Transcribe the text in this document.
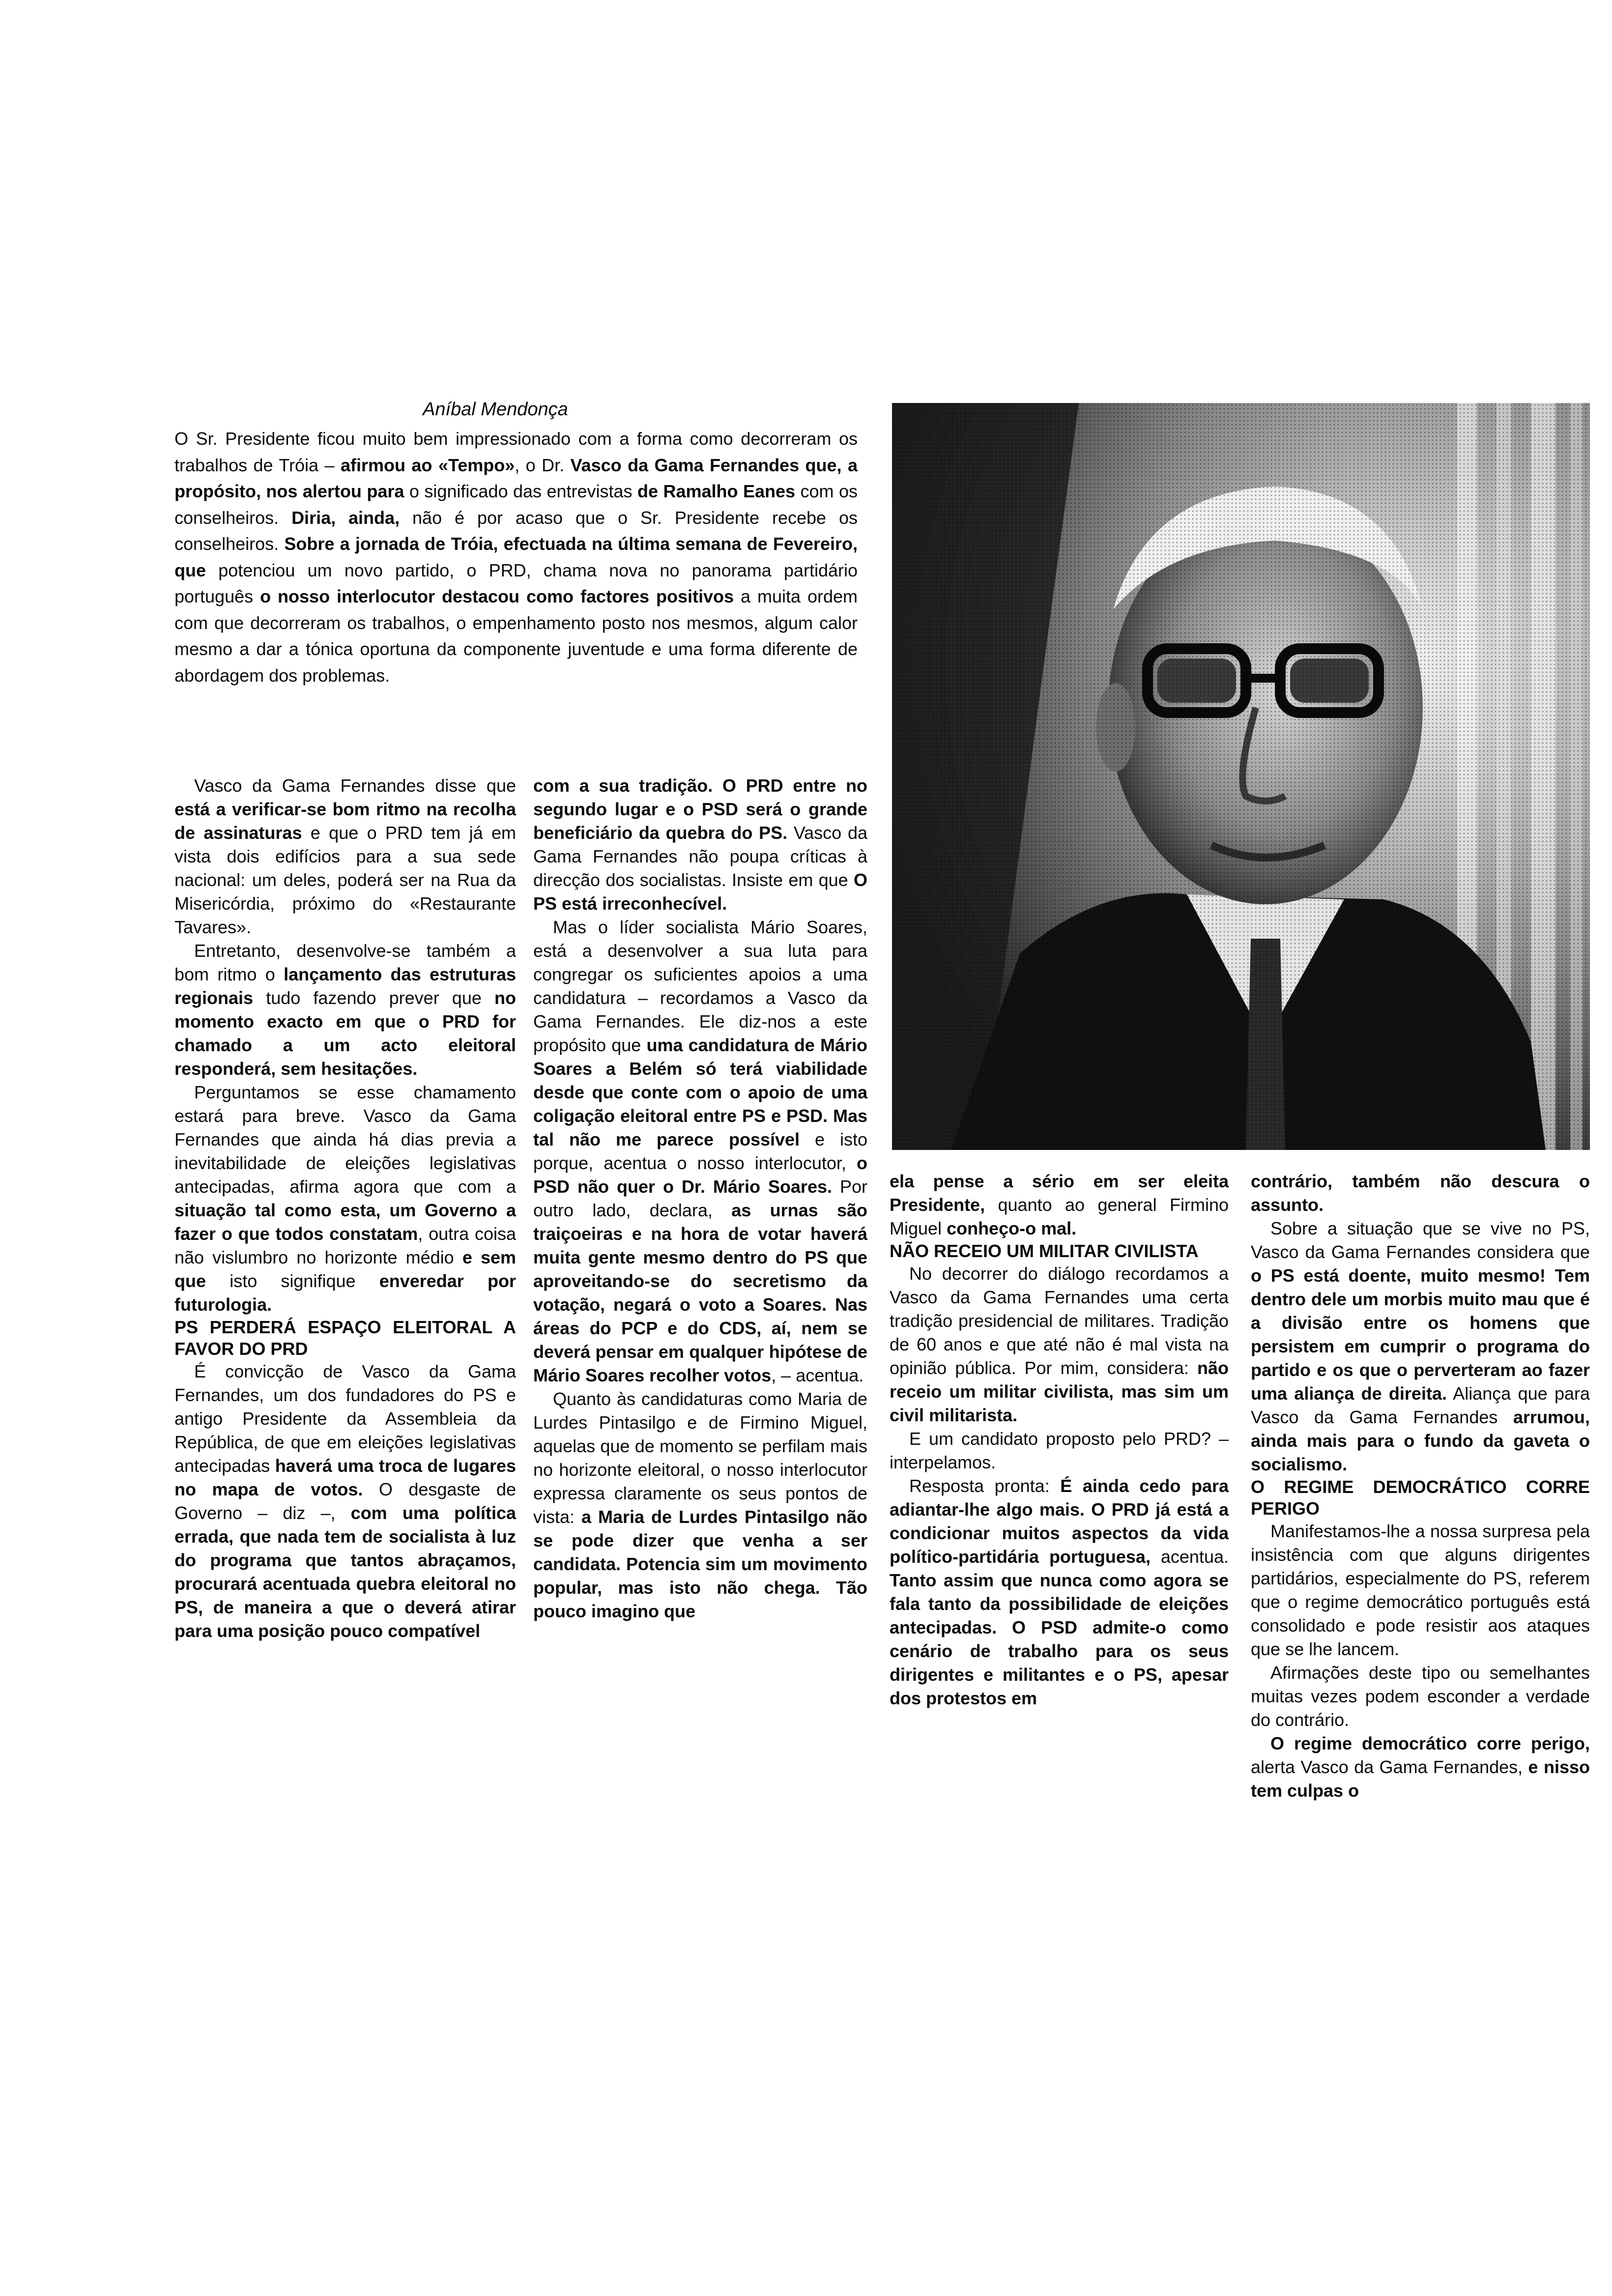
Aníbal Mendonça
O Sr. Presidente ficou muito bem impressionado com a forma como decorreram os trabalhos de Tróia – afirmou ao «Tempo», o Dr. Vasco da Gama Fernandes que, a propósito, nos alertou para o significado das entrevistas de Ramalho Eanes com os conselheiros. Diria, ainda, não é por acaso que o Sr. Presidente recebe os conselheiros. Sobre a jornada de Tróia, efectuada na última semana de Fevereiro, que potenciou um novo partido, o PRD, chama nova no panorama partidário português o nosso interlocutor destacou como factores positivos a muita ordem com que decorreram os trabalhos, o empenhamento posto nos mesmos, algum calor mesmo a dar a tónica oportuna da componente juventude e uma forma diferente de abordagem dos problemas.

Vasco da Gama Fernandes disse que está a verificar-se bom ritmo na recolha de assinaturas e que o PRD tem já em vista dois edifícios para a sua sede nacional: um deles, poderá ser na Rua da Misericórdia, próximo do «Restaurante Tavares».

Entretanto, desenvolve-se também a bom ritmo o lançamento das estruturas regionais tudo fazendo prever que no momento exacto em que o PRD for chamado a um acto eleitoral responderá, sem hesitações.

Perguntamos se esse chamamento estará para breve. Vasco da Gama Fernandes que ainda há dias previa a inevitabilidade de eleições legislativas antecipadas, afirma agora que com a situação tal como esta, um Governo a fazer o que todos constatam, outra coisa não vislumbro no horizonte médio e sem que isto signifique enveredar por futurologia.

PS PERDERÁ ESPAÇO ELEITORAL A FAVOR DO PRD

É convicção de Vasco da Gama Fernandes, um dos fundadores do PS e antigo Presidente da Assembleia da República, de que em eleições legislativas antecipadas haverá uma troca de lugares no mapa de votos. O desgaste de Governo – diz –, com uma política errada, que nada tem de socialista à luz do programa que tantos abraçamos, procurará acentuada quebra eleitoral no PS, de maneira a que o deverá atirar para uma posição pouco compatível

com a sua tradição. O PRD entre no segundo lugar e o PSD será o grande beneficiário da quebra do PS. Vasco da Gama Fernandes não poupa críticas à direcção dos socialistas. Insiste em que O PS está irreconhecível.

Mas o líder socialista Mário Soares, está a desenvolver a sua luta para congregar os suficientes apoios a uma candidatura – recordamos a Vasco da Gama Fernandes. Ele diz-nos a este propósito que uma candidatura de Mário Soares a Belém só terá viabilidade desde que conte com o apoio de uma coligação eleitoral entre PS e PSD. Mas tal não me parece possível e isto porque, acentua o nosso interlocutor, o PSD não quer o Dr. Mário Soares. Por outro lado, declara, as urnas são traiçoeiras e na hora de votar haverá muita gente mesmo dentro do PS que aproveitando-se do secretismo da votação, negará o voto a Soares. Nas áreas do PCP e do CDS, aí, nem se deverá pensar em qualquer hipótese de Mário Soares recolher votos, – acentua.

Quanto às candidaturas como Maria de Lurdes Pintasilgo e de Firmino Miguel, aquelas que de momento se perfilam mais no horizonte eleitoral, o nosso interlocutor expressa claramente os seus pontos de vista: a Maria de Lurdes Pintasilgo não se pode dizer que venha a ser candidata. Potencia sim um movimento popular, mas isto não chega. Tão pouco imagino que

ela pense a sério em ser eleita Presidente, quanto ao general Firmino Miguel conheço-o mal.

NÃO RECEIO UM MILITAR CIVILISTA

No decorrer do diálogo recordamos a Vasco da Gama Fernandes uma certa tradição presidencial de militares. Tradição de 60 anos e que até não é mal vista na opinião pública. Por mim, considera: não receio um militar civilista, mas sim um civil militarista.

E um candidato proposto pelo PRD? – interpelamos.

Resposta pronta: É ainda cedo para adiantar-lhe algo mais. O PRD já está a condicionar muitos aspectos da vida político-partidária portuguesa, acentua. Tanto assim que nunca como agora se fala tanto da possibilidade de eleições antecipadas. O PSD admite-o como cenário de trabalho para os seus dirigentes e militantes e o PS, apesar dos protestos em

contrário, também não descura o assunto.

Sobre a situação que se vive no PS, Vasco da Gama Fernandes considera que o PS está doente, muito mesmo! Tem dentro dele um morbis muito mau que é a divisão entre os homens que persistem em cumprir o programa do partido e os que o perverteram ao fazer uma aliança de direita. Aliança que para Vasco da Gama Fernandes arrumou, ainda mais para o fundo da gaveta o socialismo.

O REGIME DEMOCRÁTICO CORRE PERIGO

Manifestamos-lhe a nossa surpresa pela insistência com que alguns dirigentes partidários, especialmente do PS, referem que o regime democrático português está consolidado e pode resistir aos ataques que se lhe lancem.

Afirmações deste tipo ou semelhantes muitas vezes podem esconder a verdade do contrário.

O regime democrático corre perigo, alerta Vasco da Gama Fernandes, e nisso tem culpas o
